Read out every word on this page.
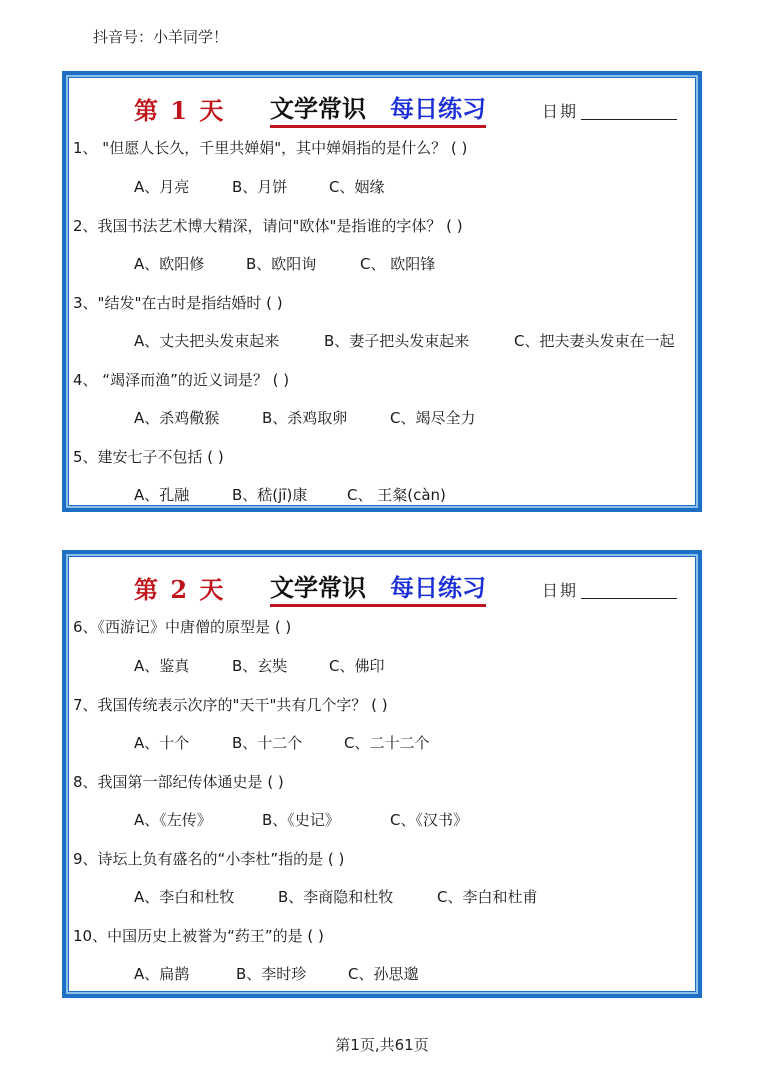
抖音号：小羊同学！
第 1 天 文学常识 每日练习	日期
1、 "但愿人长久，千里共婵娟"，其中婵娟指的是什么？ ( )
A、月亮	B、月饼	C、姻缘
2、我国书法艺术博大精深，请问"欧体"是指谁的字体？ ( )
A、欧阳修	B、欧阳询	C、 欧阳锋
3、"结发"在古时是指结婚时 ( )
A、丈夫把头发束起来	B、妻子把头发束起来	C、把夫妻头发束在一起
4、 “竭泽而渔”的近义词是？ ( )
A、杀鸡儆猴	B、杀鸡取卵	C、竭尽全力
5、建安七子不包括 ( )
A、孔融	B、嵇(jī)康	C、 王粲(càn)
第 2 天 文学常识 每日练习	日期
6、《西游记》中唐僧的原型是 ( )
A、鉴真	B、玄奘	C、佛印
7、我国传统表示次序的"天干"共有几个字？ ( )
A、十个	B、十二个	C、二十二个
8、我国第一部纪传体通史是 ( )
A、《左传》	B、《史记》	C、《汉书》
9、诗坛上负有盛名的“小李杜”指的是 ( )
A、李白和杜牧	B、李商隐和杜牧	C、李白和杜甫
10、中国历史上被誉为“药王”的是 ( )
A、扁鹊	B、李时珍	C、孙思邈
第1页,共61页
